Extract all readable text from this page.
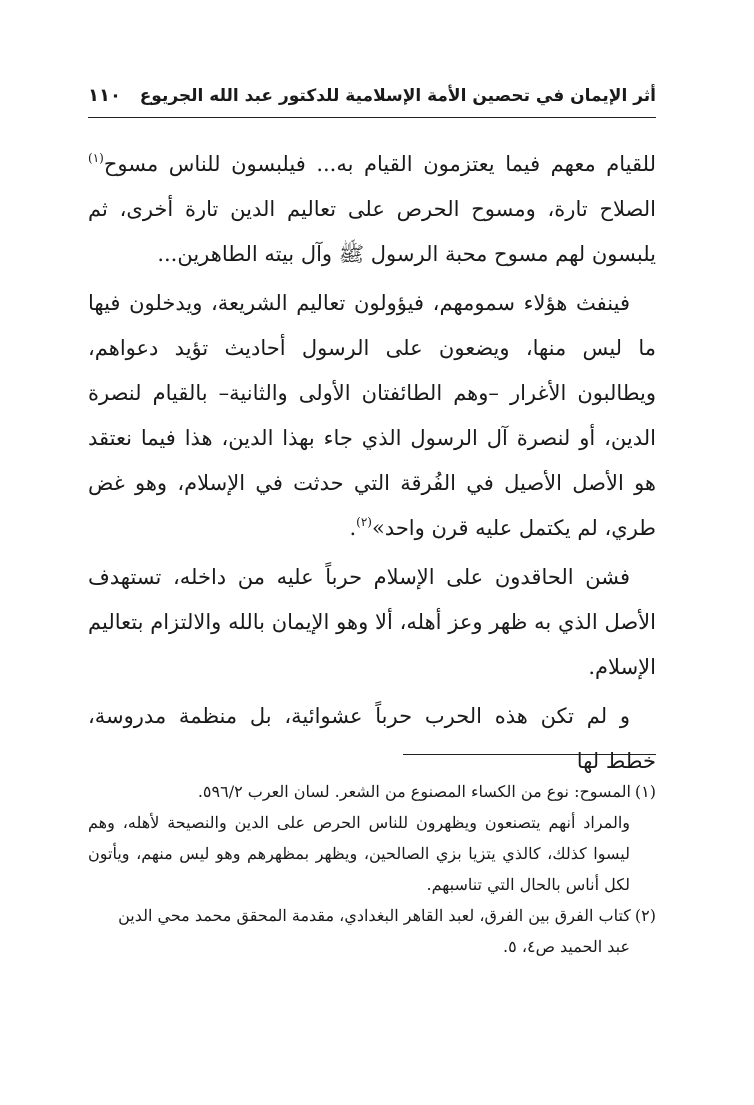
أثر الإيمان في تحصين الأمة الإسلامية للدكتور عبد الله الجريوع
١١٠

للقيام معهم فيما يعتزمون القيام به... فيلبسون للناس مسوح$^{(١)}$ الصلاح تارة، ومسوح الحرص على تعاليم الدين تارة أخرى، ثم يلبسون لهم مسوح محبة الرسول ﷺ وآل بيته الطاهرين...

فينفث هؤلاء سمومهم، فيؤولون تعاليم الشريعة، ويدخلون فيها ما ليس منها، ويضعون على الرسول أحاديث تؤيد دعواهم، ويطالبون الأغرار –وهم الطائفتان الأولى والثانية– بالقيام لنصرة الدين، أو لنصرة آل الرسول الذي جاء بهذا الدين، هذا فيما نعتقد هو الأصل الأصيل في الفُرقة التي حدثت في الإسلام، وهو غض طري، لم يكتمل عليه قرن واحد»$^{(٢)}$.

فشن الحاقدون على الإسلام حرباً عليه من داخله، تستهدف الأصل الذي به ظهر وعز أهله، ألا وهو الإيمان بالله والالتزام بتعاليم الإسلام.

و لم تكن هذه الحرب حرباً عشوائية، بل منظمة مدروسة، خطط لها

(١)المسوح: نوع من الكساء المصنوع من الشعر. لسان العرب ٥٩٦/٢.

والمراد أنهم يتصنعون ويظهرون للناس الحرص على الدين والنصيحة لأهله، وهم ليسوا كذلك، كالذي يتزيا بزي الصالحين، ويظهر بمظهرهم وهو ليس منهم، ويأتون لكل أناس بالحال التي تناسبهم.

(٢)كتاب الفرق بين الفرق، لعبد القاهر البغدادي، مقدمة المحقق محمد محي الدين

عبد الحميد ص٤، ٥.
